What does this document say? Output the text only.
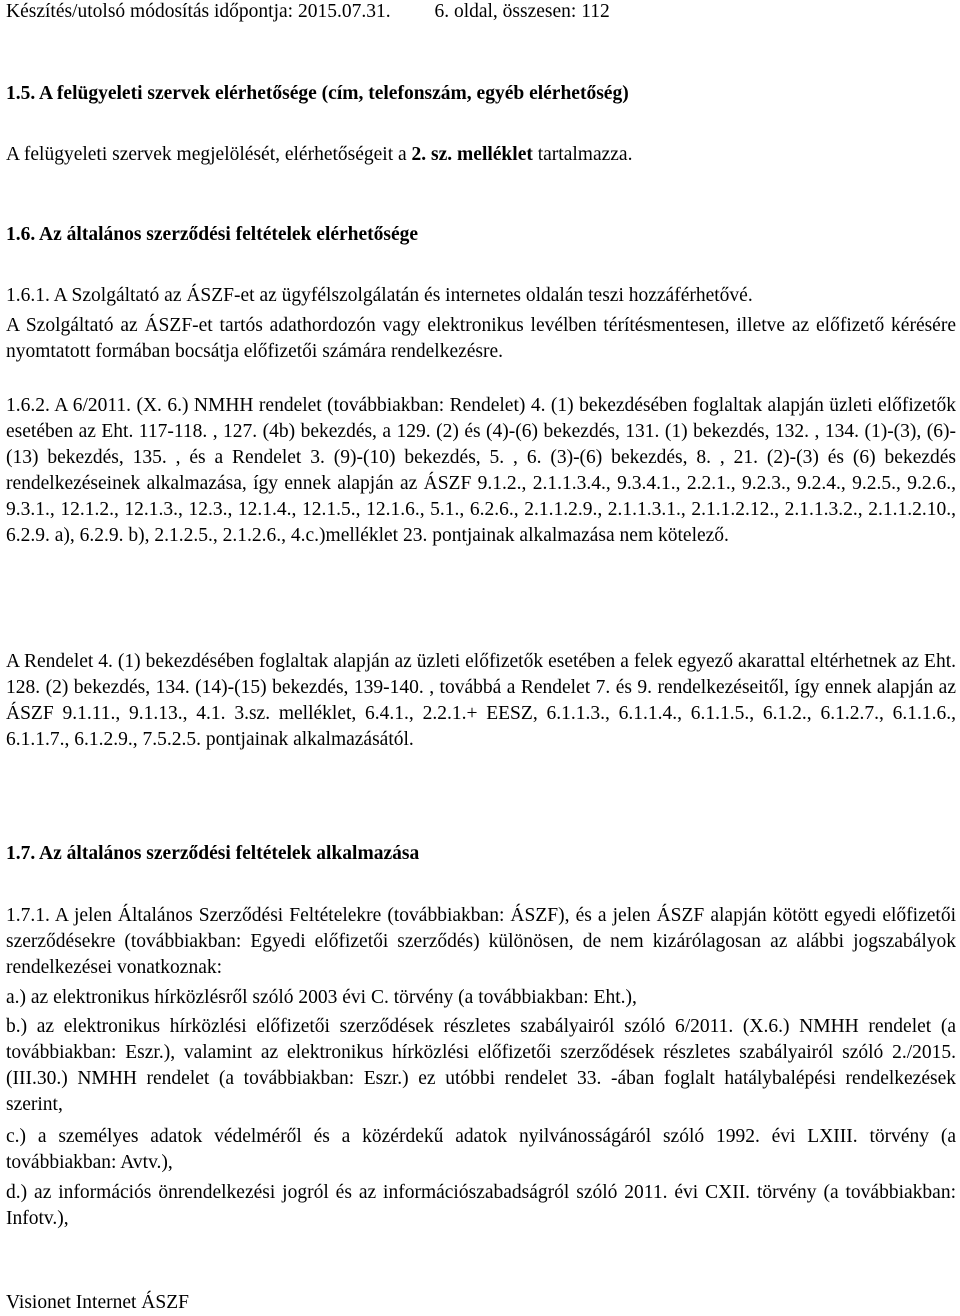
Készítés/utolsó módosítás időpontja: 2015.07.31.         6. oldal, összesen: 112

1.5. A felügyeleti szervek elérhetősége (cím, telefonszám, egyéb elérhetőség)

A felügyeleti szervek megjelölését, elérhetőségeit a 2. sz. melléklet tartalmazza.

1.6. Az általános szerződési feltételek elérhetősége

1.6.1. A Szolgáltató az ÁSZF-et az ügyfélszolgálatán és internetes oldalán teszi hozzáférhetővé.

A Szolgáltató az ÁSZF-et tartós adathordozón vagy elektronikus levélben térítésmentesen, illetve az előfizető kérésére nyomtatott formában bocsátja előfizetői számára rendelkezésre.

1.6.2. A 6/2011. (X. 6.) NMHH rendelet (továbbiakban: Rendelet) 4. (1) bekezdésében foglaltak alapján üzleti előfizetők esetében az Eht. 117-118. , 127. (4b) bekezdés, a 129. (2) és (4)-(6) bekezdés, 131. (1) bekezdés, 132. , 134. (1)-(3), (6)-(13) bekezdés, 135. , és a Rendelet 3. (9)-(10) bekezdés, 5. , 6. (3)-(6) bekezdés, 8. , 21. (2)-(3) és (6) bekezdés rendelkezéseinek alkalmazása, így ennek alapján az ÁSZF 9.1.2., 2.1.1.3.4., 9.3.4.1., 2.2.1., 9.2.3., 9.2.4., 9.2.5., 9.2.6., 9.3.1., 12.1.2., 12.1.3., 12.3., 12.1.4., 12.1.5., 12.1.6., 5.1., 6.2.6., 2.1.1.2.9., 2.1.1.3.1., 2.1.1.2.12., 2.1.1.3.2., 2.1.1.2.10., 6.2.9. a), 6.2.9. b), 2.1.2.5., 2.1.2.6., 4.c.)melléklet 23. pontjainak alkalmazása nem kötelező.

A Rendelet 4. (1) bekezdésében foglaltak alapján az üzleti előfizetők esetében a felek egyező akarattal eltérhetnek az Eht. 128. (2) bekezdés, 134. (14)-(15) bekezdés, 139-140. , továbbá a Rendelet 7. és 9. rendelkezéseitől, így ennek alapján az ÁSZF 9.1.11., 9.1.13., 4.1. 3.sz. melléklet, 6.4.1., 2.2.1.+ EESZ, 6.1.1.3., 6.1.1.4., 6.1.1.5., 6.1.2., 6.1.2.7., 6.1.1.6., 6.1.1.7., 6.1.2.9., 7.5.2.5. pontjainak alkalmazásától.

1.7. Az általános szerződési feltételek alkalmazása

1.7.1. A jelen Általános Szerződési Feltételekre (továbbiakban: ÁSZF), és a jelen ÁSZF alapján kötött egyedi előfizetői szerződésekre (továbbiakban: Egyedi előfizetői szerződés) különösen, de nem kizárólagosan az alábbi jogszabályok rendelkezései vonatkoznak:

a.) az elektronikus hírközlésről szóló 2003 évi C. törvény (a továbbiakban: Eht.),

b.) az elektronikus hírközlési előfizetői szerződések részletes szabályairól szóló 6/2011. (X.6.) NMHH rendelet (a továbbiakban: Eszr.), valamint az elektronikus hírközlési előfizetői szerződések részletes szabályairól szóló 2./2015.(III.30.) NMHH rendelet (a továbbiakban: Eszr.) ez utóbbi rendelet 33. -ában foglalt hatálybalépési rendelkezések szerint,

c.) a személyes adatok védelméről és a közérdekű adatok nyilvánosságáról szóló 1992. évi LXIII. törvény (a továbbiakban: Avtv.),

d.) az információs önrendelkezési jogról és az információszabadságról szóló 2011. évi CXII. törvény (a továbbiakban: Infotv.),

Visionet Internet ÁSZF
